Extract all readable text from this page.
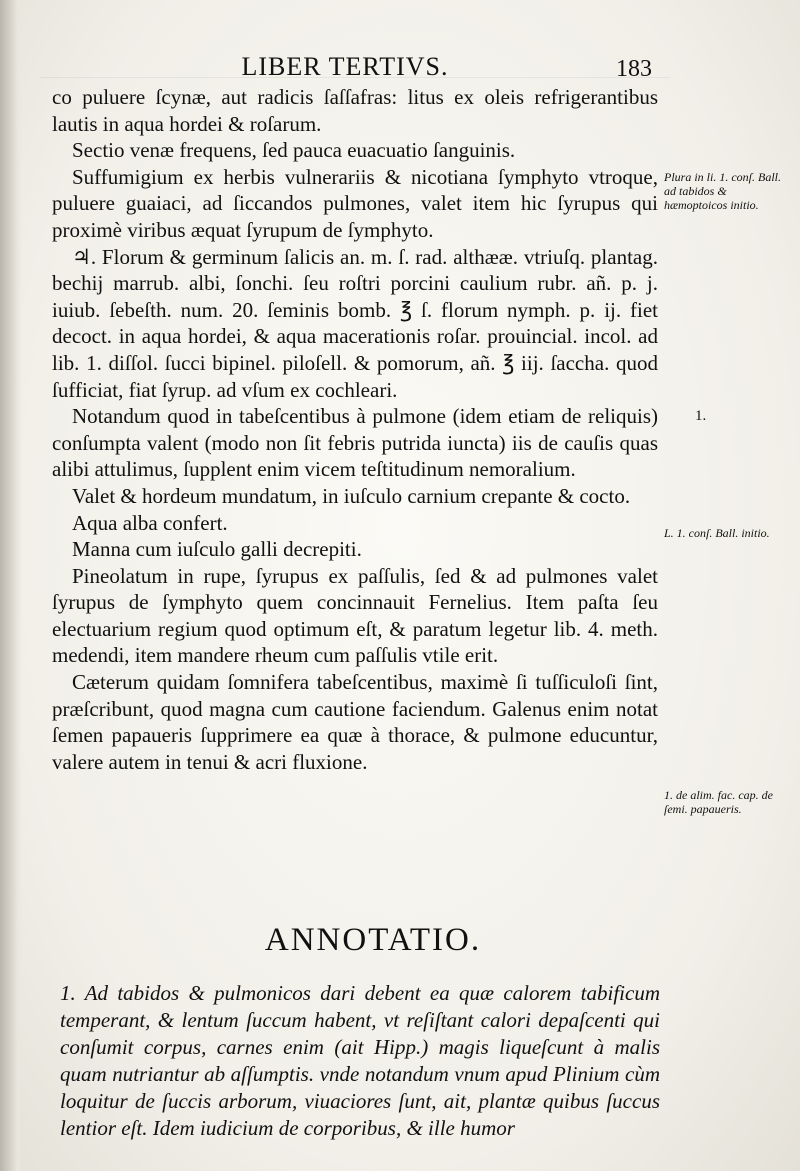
LIBER TERTIVS.	183

co puluere ſcynæ, aut radicis ſaſſafras: litus ex oleis refrigerantibus lautis in aqua hordei & roſarum.

Sectio venæ frequens, ſed pauca euacuatio ſanguinis.

Suffumigium ex herbis vulnerariis & nicotiana ſymphyto vtroque, puluere guaiaci, ad ſiccandos pulmones, valet item hic ſyrupus qui proximè viribus æquat ſyrupum de ſymphyto.

♃. Florum & germinum ſalicis an. m. ſ. rad. althææ. vtriuſq. plantag. bechij marrub. albi, ſonchi. ſeu roſtri porcini caulium rubr. añ. p. j. iuiub. ſebeſth. num. 20. ſeminis bomb. ℥ ſ. florum nymph. p. ij. fiet decoct. in aqua hordei, & aqua macerationis roſar. prouincial. incol. ad lib. 1. diſſol. ſucci bipinel. piloſell. & pomorum, añ. ℥ iij. ſaccha. quod ſufficiat, fiat ſyrup. ad vſum ex cochleari.

Notandum quod in tabeſcentibus à pulmone (idem etiam de reliquis) conſumpta valent (modo non ſit febris putrida iuncta) iis de cauſis quas alibi attulimus, ſupplent enim vicem teſtitudinum nemoralium.

Valet & hordeum mundatum, in iuſculo carnium crepante & cocto.

Aqua alba confert.

Manna cum iuſculo galli decrepiti.

Pineolatum in rupe, ſyrupus ex paſſulis, ſed & ad pulmones valet ſyrupus de ſymphyto quem concinnauit Fernelius. Item paſta ſeu electuarium regium quod optimum eſt, & paratum legetur lib. 4. meth. medendi, item mandere rheum cum paſſulis vtile erit.

Cæterum quidam ſomnifera tabeſcentibus, maximè ſi tuſſiculoſi ſint, præſcribunt, quod magna cum cautione faciendum. Galenus enim notat ſemen papaueris ſupprimere ea quæ à thorace, & pulmone educuntur, valere autem in tenui & acri fluxione.

Plura in li. 1. conſ. Ball. ad tabidos & hæmoptoicos initio.
1.
L. 1. conſ. Ball. initio.
1. de alim. fac. cap. de ſemi. papaueris.
ANNOTATIO.
1. Ad tabidos & pulmonicos dari debent ea quæ calorem tabificum temperant, & lentum ſuccum habent, vt reſiſtant calori depaſcenti qui conſumit corpus, carnes enim (ait Hipp.) magis liqueſcunt à malis quam nutriantur ab aſſumptis. vnde notandum vnum apud Plinium cùm loquitur de ſuccis arborum, viuaciores ſunt, ait, plantæ quibus ſuccus lentior eſt. Idem iudicium de corporibus, & ille humor
